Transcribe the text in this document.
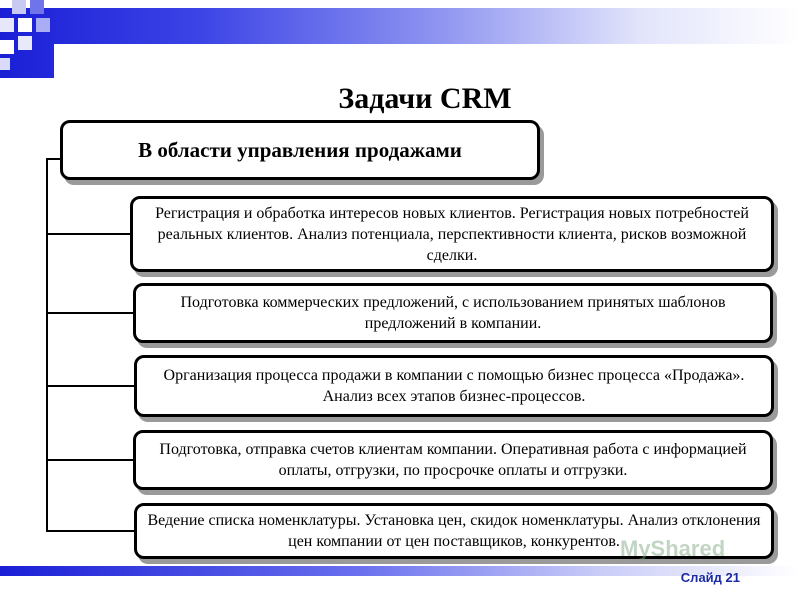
Задачи CRM
В области управления продажами
Регистрация и обработка интересов новых клиентов. Регистрация новых потребностей реальных клиентов. Анализ потенциала, перспективности клиента, рисков возможной сделки.
Подготовка коммерческих предложений, с использованием принятых шаблонов предложений в компании.
Организация процесса продажи в компании с помощью бизнес процесса «Продажа». Анализ всех этапов бизнес-процессов.
Подготовка, отправка счетов клиентам компании. Оперативная работа с информацией оплаты, отгрузки, по просрочке оплаты и отгрузки.
Ведение списка номенклатуры. Установка цен, скидок номенклатуры. Анализ отклонения цен компании от цен поставщиков, конкурентов. MyShared
Слайд 21
